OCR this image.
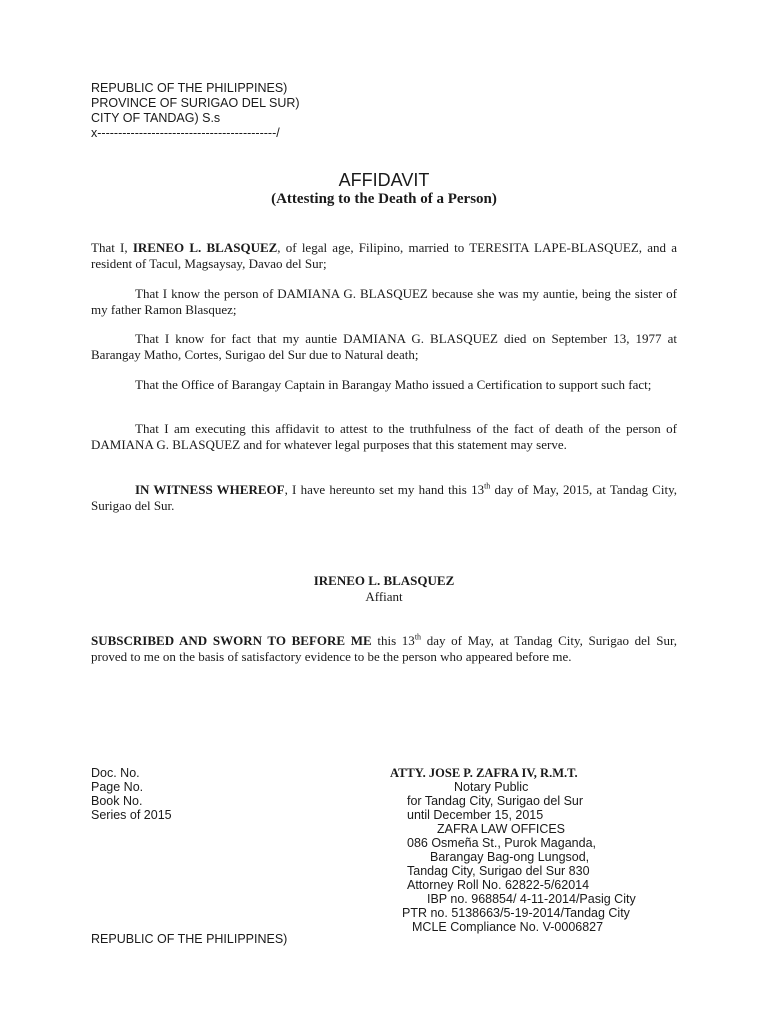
REPUBLIC OF THE PHILIPPINES)
PROVINCE OF SURIGAO DEL SUR)
CITY OF TANDAG) S.s
x-------------------------------------------/
AFFIDAVIT
(Attesting to the Death of a Person)
That I, IRENEO L. BLASQUEZ, of legal age, Filipino, married to TERESITA LAPE-BLASQUEZ, and a resident of Tacul, Magsaysay, Davao del Sur;
That I know the person of DAMIANA G. BLASQUEZ because she was my auntie, being the sister of my father Ramon Blasquez;
That I know for fact that my auntie DAMIANA G. BLASQUEZ died on September 13, 1977 at Barangay Matho, Cortes, Surigao del Sur due to Natural death;
That the Office of Barangay Captain in Barangay Matho issued a Certification to support such fact;
That I am executing this affidavit to attest to the truthfulness of the fact of death of the person of DAMIANA G. BLASQUEZ and for whatever legal purposes that this statement may serve.
IN WITNESS WHEREOF, I have hereunto set my hand this 13th day of May, 2015, at Tandag City, Surigao del Sur.
IRENEO L. BLASQUEZ
Affiant
SUBSCRIBED AND SWORN TO BEFORE ME this 13th day of May, at Tandag City, Surigao del Sur, proved to me on the basis of satisfactory evidence to be the person who appeared before me.
Doc. No.
Page No.
Book No.
Series of 2015
ATTY. JOSE P. ZAFRA IV, R.M.T.
Notary Public
for Tandag City, Surigao del Sur
until December 15, 2015
ZAFRA LAW OFFICES
086 Osmeña St., Purok Maganda,
Barangay Bag-ong Lungsod,
Tandag City, Surigao del Sur 830
Attorney Roll No. 62822-5/62014
IBP no. 968854/ 4-11-2014/Pasig City
PTR no. 5138663/5-19-2014/Tandag City
MCLE Compliance No. V-0006827
REPUBLIC OF THE PHILIPPINES)
